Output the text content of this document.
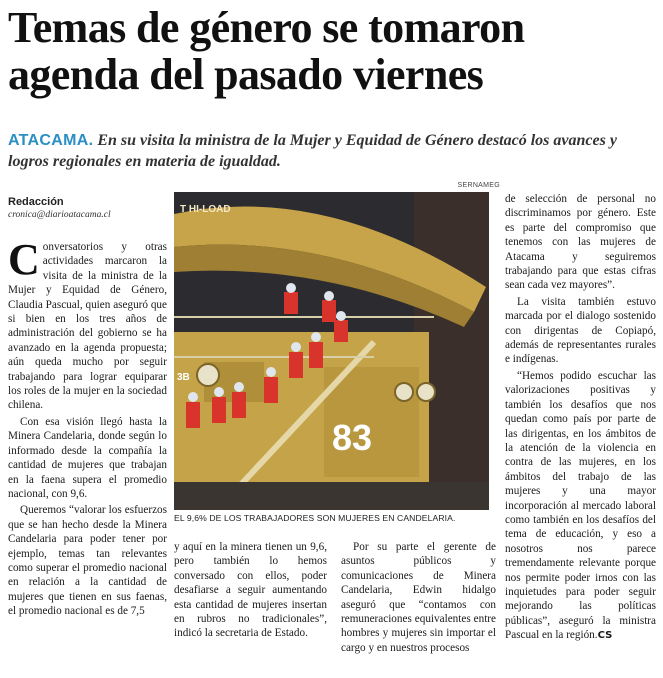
Temas de género se tomaron
agenda del pasado viernes
ATACAMA. En su visita la ministra de la Mujer y Equidad de Género destacó los avances y logros regionales en materia de igualdad.
Redacción
cronica@diarioatacama.cl

Conversatorios y otras actividades marcaron la visita de la ministra de la Mujer y Equidad de Género, Claudia Pascual, quien aseguró que si bien en los tres años de administración del gobierno se ha avanzado en la agenda propuesta; aún queda mucho por seguir trabajando para lograr equiparar los roles de la mujer en la sociedad chilena.

Con esa visión llegó hasta la Minera Candelaria, donde según lo informado desde la compañía la cantidad de mujeres que trabajan en la faena supera el promedio nacional, con 9,6.

Queremos “valorar los esfuerzos que se han hecho desde la Minera Candelaria para poder tener por ejemplo, temas tan relevantes como superar el promedio nacional en relación a la cantidad de mujeres que tienen en sus faenas, el promedio nacional es de 7,5

SERNAMEG
T HI-LOAD
83
3B
EL 9,6% DE LOS TRABAJADORES SON MUJERES EN CANDELARIA.

y aquí en la minera tienen un 9,6, pero también lo hemos conversado con ellos, poder desafiarse a seguir aumentando esta cantidad de mujeres insertan en rubros no tradicionales”, indicó la secretaria de Estado.

Por su parte el gerente de asuntos públicos y comunicaciones de Minera Candelaria, Edwin hidalgo aseguró que “contamos con remuneraciones equivalentes entre hombres y mujeres sin importar el cargo y en nuestros procesos

de selección de personal no discriminamos por género. Este es parte del compromiso que tenemos con las mujeres de Atacama y seguiremos trabajando para que estas cifras sean cada vez mayores”.

La visita también estuvo marcada por el dialogo sostenido con dirigentas de Copiapó, además de representantes rurales e indígenas.

“Hemos podido escuchar las valorizaciones positivas y también los desafíos que nos quedan como país por parte de las dirigentas, en los ámbitos de la atención de la violencia en contra de las mujeres, en los ámbitos del trabajo de las mujeres y una mayor incorporación al mercado laboral como también en los desafíos del tema de educación, y eso a nosotros nos parece tremendamente relevante porque nos permite poder irnos con las inquietudes para poder seguir mejorando las políticas públicas”, aseguró la ministra Pascual en la región.CS
